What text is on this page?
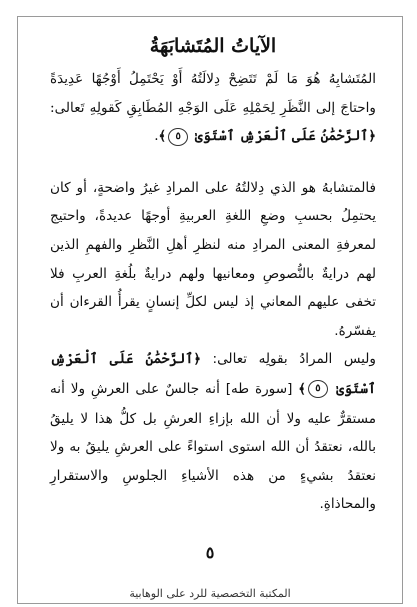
الآياتُ المُتَشابَهَةُ

المُتَشابِهُ هُوَ مَا لَمْ تَتَضِحْ دِلالَتُهُ أَوْ يَحْتَمِلُ أَوْجُهًا عَدِيدَةً واحتاجَ إلى النَّظَرِ لِحَمْلِهِ عَلَى الوَجْهِ المُطَابِقِ كَقولِهِ تَعالى: ﴿ٱلرَّحْمَٰنُ عَلَى ٱلْعَرْشِ ٱسْتَوَىٰ ٥﴾.

فالمتشابهُ هو الذي دِلالتُهُ على المرادِ غيرُ واضحةٍ، أو كان يحتمِلُ بحسبِ وضعِ اللغةِ العربيةِ أوجهًا عديدةً، واحتيج لمعرفةِ المعنى المرادِ منه لنظرِ أهلِ النَّظرِ والفهمِ الذين لهم درايةٌ بالنُّصوصِ ومعانيها ولهم درايةٌ بلُغةِ العربِ فلا تخفى عليهم المعاني إذ ليس لكلِّ إنسانٍ يقرأُ القرءان أن يفسّرهُ.

وليس المرادُ بقولِه تعالى: ﴿ٱلرَّحْمَٰنُ عَلَى ٱلْعَرْشِ ٱسْتَوَىٰ ٥﴾ [سورة طه] أنه جالسٌ على العرشِ ولا أنه مستقرٌّ عليه ولا أن الله بإزاءِ العرشِ بل كلُّ هذا لا يليقُ بالله، نعتقدُ أن الله استوى استواءً على العرشِ يليقُ به ولا نعتقدُ بشيءٍ من هذه الأشياءِ الجلوسِ والاستقرارِ والمحاذاةِ.

٥
المكتبة التخصصية للرد على الوهابية
